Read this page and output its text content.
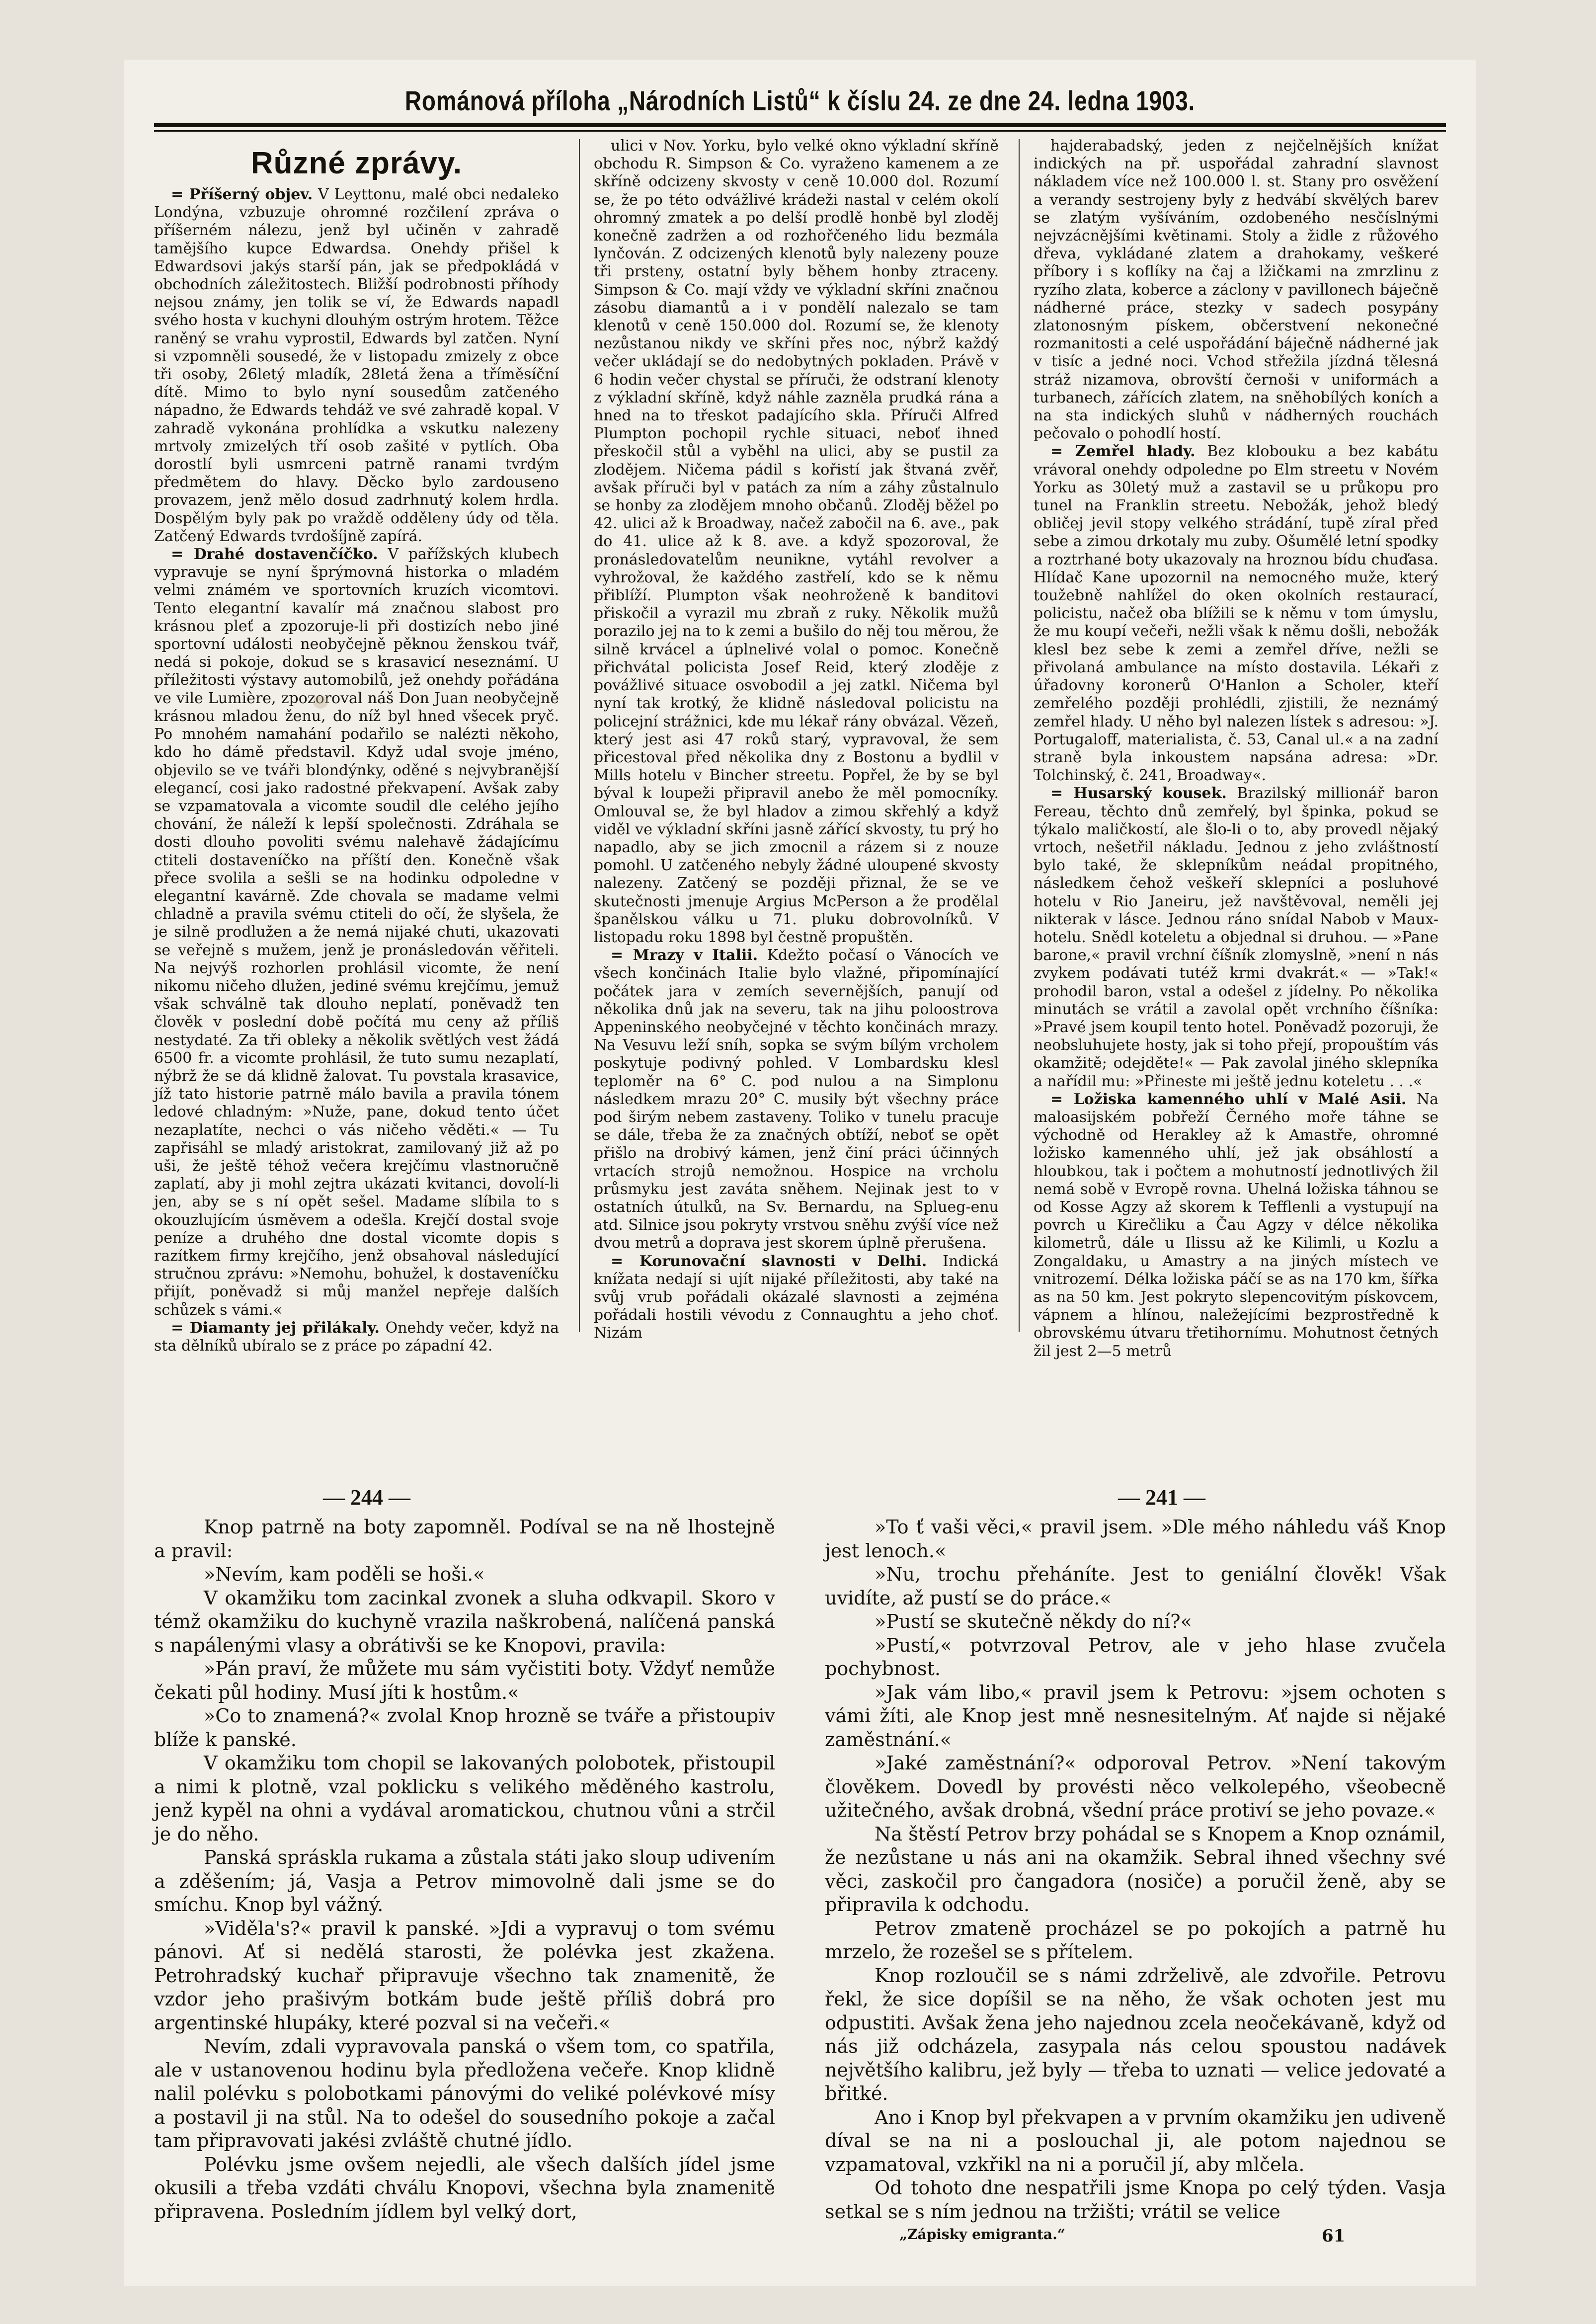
Románová příloha „Národních Listů“ k číslu 24. ze dne 24. ledna 1903.
Různé zprávy.

= Příšerný objev. V Leyttonu, malé obci nedaleko Londýna, vzbuzuje ohromné rozčilení zpráva o příšerném nálezu, jenž byl učiněn v zahradě tamějšího kupce Edwardsa. Onehdy přišel k Edwardsovi jakýs starší pán, jak se předpokládá v obchodních záležitostech. Bližší podrobnosti příhody nejsou známy, jen tolik se ví, že Edwards napadl svého hosta v kuchyni dlouhým ostrým hrotem. Těžce raněný se vrahu vyprostil, Edwards byl zatčen. Nyní si vzpomněli sousedé, že v listopadu zmizely z obce tři osoby, 26letý mladík, 28letá žena a tříměsíční dítě. Mimo to bylo nyní sousedům zatčeného nápadno, že Edwards tehdáž ve své zahradě kopal. V zahradě vykonána prohlídka a vskutku nalezeny mrtvoly zmizelých tří osob zašité v pytlích. Oba dorostlí byli usmrceni patrně ranami tvrdým předmětem do hlavy. Děcko bylo zardouseno provazem, jenž mělo dosud zadrhnutý kolem hrdla. Dospělým byly pak po vraždě odděleny údy od těla. Zatčený Edwards tvrdošíjně zapírá.

= Drahé dostavenčíčko. V pařížských klubech vypravuje se nyní šprýmovná historka o mladém velmi známém ve sportovních kruzích vicomtovi. Tento elegantní kavalír má značnou slabost pro krásnou pleť a zpozoruje-li při dostizích nebo jiné sportovní události neobyčejně pěknou ženskou tvář, nedá si pokoje, dokud se s krasavicí neseznámí. U příležitosti výstavy automobilů, jež onehdy pořádána ve vile Lumière, zpozoroval náš Don Juan neobyčejně krásnou mladou ženu, do níž byl hned všecek pryč. Po mnohém namahání podařilo se nalézti někoho, kdo ho dámě představil. Když udal svoje jméno, objevilo se ve tváři blondýnky, oděné s nejvybranější elegancí, cosi jako radostné překvapení. Avšak zaby se vzpamatovala a vicomte soudil dle celého jejího chování, že náleží k lepší společnosti. Zdráhala se dosti dlouho povoliti svému nalehavě žádajícímu ctiteli dostaveníčko na příští den. Konečně však přece svolila a sešli se na hodinku odpoledne v elegantní kavárně. Zde chovala se madame velmi chladně a pravila svému ctiteli do očí, že slyšela, že je silně prodlužen a že nemá nijaké chuti, ukazovati se veřejně s mužem, jenž je pronásledován věřiteli. Na nejvýš rozhorlen prohlásil vicomte, že není nikomu ničeho dlužen, jediné svému krejčímu, jemuž však schválně tak dlouho neplatí, poněvadž ten člověk v poslední době počítá mu ceny až příliš nestydaté. Za tři obleky a několik světlých vest žádá 6500 fr. a vicomte prohlásil, že tuto sumu nezaplatí, nýbrž že se dá klidně žalovat. Tu povstala krasavice, jíž tato historie patrně málo bavila a pravila tónem ledové chladným: »Nuže, pane, dokud tento účet nezaplatíte, nechci o vás ničeho věděti.« — Tu zapřisáhl se mladý aristokrat, zamilovaný již až po uši, že ještě téhož večera krejčímu vlastnoručně zaplatí, aby ji mohl zejtra ukázati kvitanci, dovolí-li jen, aby se s ní opět sešel. Madame slíbila to s okouzlujícím úsměvem a odešla. Krejčí dostal svoje peníze a druhého dne dostal vicomte dopis s razítkem firmy krejčího, jenž obsahoval následující stručnou zprávu: »Nemohu, bohužel, k dostaveníčku přijít, poněvadž si můj manžel nepřeje dalších schůzek s vámi.«

= Diamanty jej přilákaly. Onehdy večer, když na sta dělníků ubíralo se z práce po západní 42.

ulici v Nov. Yorku, bylo velké okno výkladní skříně obchodu R. Simpson & Co. vyraženo kamenem a ze skříně odcizeny skvosty v ceně 10.000 dol. Rozumí se, že po této odvážlivé krádeži nastal v celém okolí ohromný zmatek a po delší prodlě honbě byl zloděj konečně zadržen a od rozhořčeného lidu bezmála lynčován. Z odcizených klenotů byly nalezeny pouze tři prsteny, ostatní byly během honby ztraceny. Simpson & Co. mají vždy ve výkladní skříni značnou zásobu diamantů a i v pondělí nalezalo se tam klenotů v ceně 150.000 dol. Rozumí se, že klenoty nezůstanou nikdy ve skříni přes noc, nýbrž každý večer ukládají se do nedobytných pokladen. Právě v 6 hodin večer chystal se příruči, že odstraní klenoty z výkladní skříně, když náhle zazněla prudká rána a hned na to třeskot padajícího skla. Příruči Alfred Plumpton pochopil rychle situaci, neboť ihned přeskočil stůl a vyběhl na ulici, aby se pustil za zlodějem. Ničema pádil s kořistí jak štvaná zvěř, avšak příruči byl v patách za ním a záhy zůstalnulo se honby za zlodějem mnoho občanů. Zloděj běžel po 42. ulici až k Broadway, načež zabočil na 6. ave., pak do 41. ulice až k 8. ave. a když spozoroval, že pronásledovatelům neunikne, vytáhl revolver a vyhrožoval, že každého zastřelí, kdo se k němu přiblíží. Plumpton však neohroženě k banditovi přiskočil a vyrazil mu zbraň z ruky. Několik mužů porazilo jej na to k zemi a bušilo do něj tou měrou, že silně krvácel a úplnelivé volal o pomoc. Konečně přichvátal policista Josef Reid, který zloděje z povážlivé situace osvobodil a jej zatkl. Ničema byl nyní tak krotký, že klidně následoval policistu na policejní strážnici, kde mu lékař rány obvázal. Vězeň, který jest asi 47 roků starý, vypravoval, že sem přicestoval před několika dny z Bostonu a bydlil v Mills hotelu v Bincher streetu. Popřel, že by se byl býval k loupeži připravil anebo že měl pomocníky. Omlouval se, že byl hladov a zimou skřehlý a když viděl ve výkladní skříni jasně zářící skvosty, tu prý ho napadlo, aby se jich zmocnil a rázem si z nouze pomohl. U zatčeného nebyly žádné uloupené skvosty nalezeny. Zatčený se později přiznal, že se ve skutečnosti jmenuje Argius McPerson a že prodělal španělskou válku u 71. pluku dobrovolníků. V listopadu roku 1898 byl čestně propuštěn.

= Mrazy v Italii. Kdežto počasí o Vánocích ve všech končinách Italie bylo vlažné, připomínající počátek jara v zemích severnějších, panují od několika dnů jak na severu, tak na jihu poloostrova Appeninského neobyčejné v těchto končinách mrazy. Na Vesuvu leží sníh, sopka se svým bílým vrcholem poskytuje podivný pohled. V Lombardsku klesl teploměr na 6° C. pod nulou a na Simplonu následkem mrazu 20° C. musily být všechny práce pod širým nebem zastaveny. Toliko v tunelu pracuje se dále, třeba že za značných obtíží, neboť se opět přišlo na drobivý kámen, jenž činí práci účinných vrtacích strojů nemožnou. Hospice na vrcholu průsmyku jest zaváta sněhem. Nejinak jest to v ostatních útulků, na Sv. Bernardu, na Splueg-enu atd. Silnice jsou pokryty vrstvou sněhu zvýší více než dvou metrů a doprava jest skorem úplně přerušena.

= Korunovační slavnosti v Delhi. Indická knížata nedají si ujít nijaké příležitosti, aby také na svůj vrub pořádali okázalé slavnosti a zejména pořádali hostili vévodu z Connaughtu a jeho choť. Nizám

hajderabadský, jeden z nejčelnějších knížat indických na př. uspořádal zahradní slavnost nákladem více než 100.000 l. st. Stany pro osvěžení a verandy sestrojeny byly z hedvábí skvělých barev se zlatým vyšíváním, ozdobeného nesčíslnými nejvzácnějšími květinami. Stoly a židle z růžového dřeva, vykládané zlatem a drahokamy, veškeré příbory i s koflíky na čaj a lžičkami na zmrzlinu z ryzího zlata, koberce a záclony v pavillonech báječně nádherné práce, stezky v sadech posypány zlatonosným pískem, občerstvení nekonečné rozmanitosti a celé uspořádání báječně nádherné jak v tisíc a jedné noci. Vchod střežila jízdná tělesná stráž nizamova, obrovští černoši v uniformách a turbanech, zářících zlatem, na sněhobílých koních a na sta indických sluhů v nádherných rouchách pečovalo o pohodlí hostí.

= Zemřel hlady. Bez klobouku a bez kabátu vrávoral onehdy odpoledne po Elm streetu v Novém Yorku as 30letý muž a zastavil se u průkopu pro tunel na Franklin streetu. Nebožák, jehož bledý obličej jevil stopy velkého strádání, tupě zíral před sebe a zimou drkotaly mu zuby. Ošumělé letní spodky a roztrhané boty ukazovaly na hroznou bídu chuďasa. Hlídač Kane upozornil na nemocného muže, který toužebně nahlížel do oken okolních restaurací, policistu, načež oba blížili se k němu v tom úmyslu, že mu koupí večeři, nežli však k němu došli, nebožák klesl bez sebe k zemi a zemřel dříve, nežli se přivolaná ambulance na místo dostavila. Lékaři z úřadovny koronerů O'Hanlon a Scholer, kteří zemřelého později prohlédli, zjistili, že neznámý zemřel hlady. U něho byl nalezen lístek s adresou: »J. Portugaloff, materialista, č. 53, Canal ul.« a na zadní straně byla inkoustem napsána adresa: »Dr. Tolchinský, č. 241, Broadway«.

= Husarský kousek. Brazilský millionář baron Fereau, těchto dnů zemřelý, byl špinka, pokud se týkalo maličkostí, ale šlo-li o to, aby provedl nějaký vrtoch, nešetřil nákladu. Jednou z jeho zvláštností bylo také, že sklepníkům neádal propitného, následkem čehož veškeří sklepníci a posluhové hotelu v Rio Janeiru, jež navštěvoval, neměli jej nikterak v lásce. Jednou ráno snídal Nabob v Maux-hotelu. Snědl koteletu a objednal si druhou. — »Pane barone,« pravil vrchní číšník zlomyslně, »není n nás zvykem podávati tutéž krmi dvakrát.« — »Tak!« prohodil baron, vstal a odešel z jídelny. Po několika minutách se vrátil a zavolal opět vrchního číšníka: »Pravé jsem koupil tento hotel. Poněvadž pozoruji, že neobsluhujete hosty, jak si toho přejí, propouštím vás okamžitě; odejděte!« — Pak zavolal jiného sklepníka a nařídil mu: »Přineste mi ještě jednu koteletu . . .«

= Ložiska kamenného uhlí v Malé Asii. Na maloasijském pobřeží Černého moře táhne se východně od Herakley až k Amastře, ohromné ložisko kamenného uhlí, jež jak obsáhlostí a hloubkou, tak i počtem a mohutností jednotlivých žil nemá sobě v Evropě rovna. Uhelná ložiska táhnou se od Kosse Agzy až skorem k Tefflenli a vystupují na povrch u Kirečliku a Čau Agzy v délce několika kilometrů, dále u Ilissu až ke Kilimli, u Kozlu a Zongaldaku, u Amastry a na jiných místech ve vnitrozemí. Délka ložiska páčí se as na 170 km, šířka as na 50 km. Jest pokryto slepencovitým pískovcem, vápnem a hlínou, naležejícími bezprostředně k obrovskému útvaru třetihornímu. Mohutnost četných žil jest 2—5 metrů

— 244 —	— 241 —

Knop patrně na boty zapomněl. Podíval se na ně lhostejně a pravil:

»Nevím, kam poděli se hoši.«

V okamžiku tom zacinkal zvonek a sluha odkvapil. Skoro v témž okamžiku do kuchyně vrazila naškrobená, nalíčená panská s napálenými vlasy a obrátivši se ke Knopovi, pravila:

»Pán praví, že můžete mu sám vyčistiti boty. Vždyť nemůže čekati půl hodiny. Musí jíti k hostům.«

»Co to znamená?« zvolal Knop hrozně se tváře a přistoupiv blíže k panské.

V okamžiku tom chopil se lakovaných polobotek, přistoupil a nimi k plotně, vzal poklicku s velikého měděného kastrolu, jenž kypěl na ohni a vydával aromatickou, chutnou vůni a strčil je do něho.

Panská spráskla rukama a zůstala státi jako sloup udivením a zděšením; já, Vasja a Petrov mimovolně dali jsme se do smíchu. Knop byl vážný.

»Viděla's?« pravil k panské. »Jdi a vypravuj o tom svému pánovi. Ať si nedělá starosti, že polévka jest zkažena. Petrohradský kuchař připravuje všechno tak znamenitě, že vzdor jeho prašivým botkám bude ještě příliš dobrá pro argentinské hlupáky, které pozval si na večeři.«

Nevím, zdali vypravovala panská o všem tom, co spatřila, ale v ustanovenou hodinu byla předložena večeře. Knop klidně nalil polévku s polobotkami pánovými do veliké polévkové mísy a postavil ji na stůl. Na to odešel do sousedního pokoje a začal tam připravovati jakési zvláště chutné jídlo.

Polévku jsme ovšem nejedli, ale všech dalších jídel jsme okusili a třeba vzdáti chválu Knopovi, všechna byla znamenitě připravena. Posledním jídlem byl velký dort,

»To ť vaši věci,« pravil jsem. »Dle mého náhledu váš Knop jest lenoch.«

»Nu, trochu přeháníte. Jest to geniální člověk! Však uvidíte, až pustí se do práce.«

»Pustí se skutečně někdy do ní?«

»Pustí,« potvrzoval Petrov, ale v jeho hlase zvučela pochybnost.

»Jak vám libo,« pravil jsem k Petrovu: »jsem ochoten s vámi žíti, ale Knop jest mně nesnesitelným. Ať najde si nějaké zaměstnání.«

»Jaké zaměstnání?« odporoval Petrov. »Není takovým člověkem. Dovedl by provésti něco velkolepého, všeobecně užitečného, avšak drobná, všední práce protiví se jeho povaze.«

Na štěstí Petrov brzy pohádal se s Knopem a Knop oznámil, že nezůstane u nás ani na okamžik. Sebral ihned všechny své věci, zaskočil pro čangadora (nosiče) a poručil ženě, aby se připravila k odchodu.

Petrov zmateně procházel se po pokojích a patrně hu mrzelo, že rozešel se s přítelem.

Knop rozloučil se s námi zdrželivě, ale zdvořile. Petrovu řekl, že sice dopíšil se na něho, že však ochoten jest mu odpustiti. Avšak žena jeho najednou zcela neočekávaně, když od nás již odcházela, zasypala nás celou spoustou nadávek největšího kalibru, jež byly — třeba to uznati — velice jedovaté a břitké.

Ano i Knop byl překvapen a v prvním okamžiku jen udiveně díval se na ni a poslouchal ji, ale potom najednou se vzpamatoval, vzkřikl na ni a poručil jí, aby mlčela.

Od tohoto dne nespatřili jsme Knopa po celý týden. Vasja setkal se s ním jednou na tržišti; vrátil se velice

„Zápisky emigranta.“	61
